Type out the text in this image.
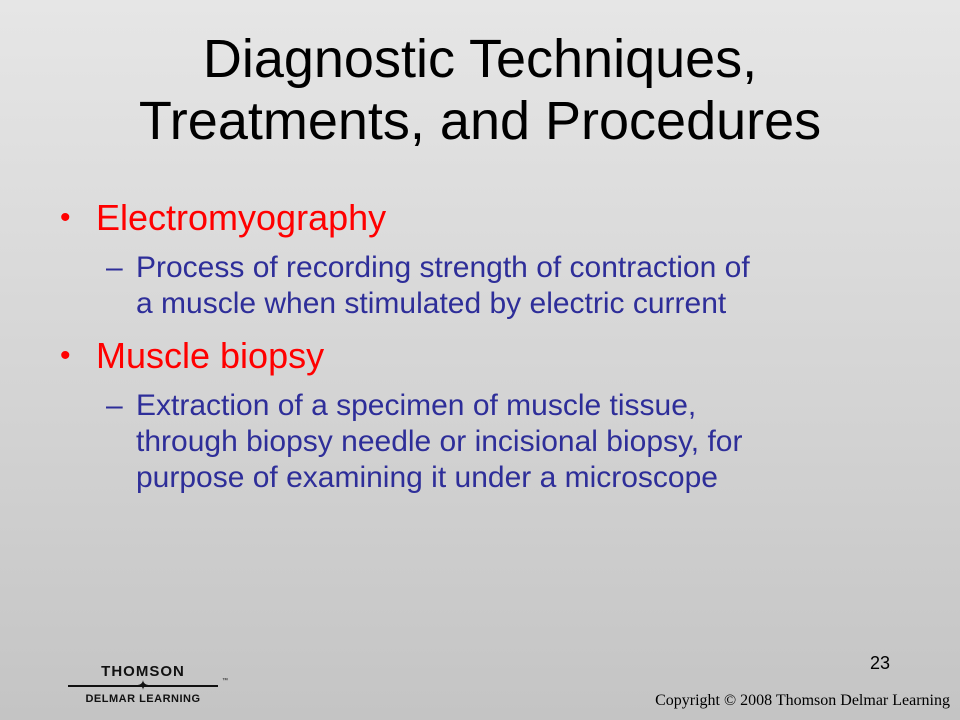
Diagnostic Techniques,
Treatments, and Procedures
• Electromyography
– Process of recording strength of contraction of
a muscle when stimulated by electric current
• Muscle biopsy
– Extraction of a specimen of muscle tissue,
through biopsy needle or incisional biopsy, for
purpose of examining it under a microscope
23
THOMSON
✦
DELMAR LEARNING
™
Copyright © 2008 Thomson Delmar Learning
